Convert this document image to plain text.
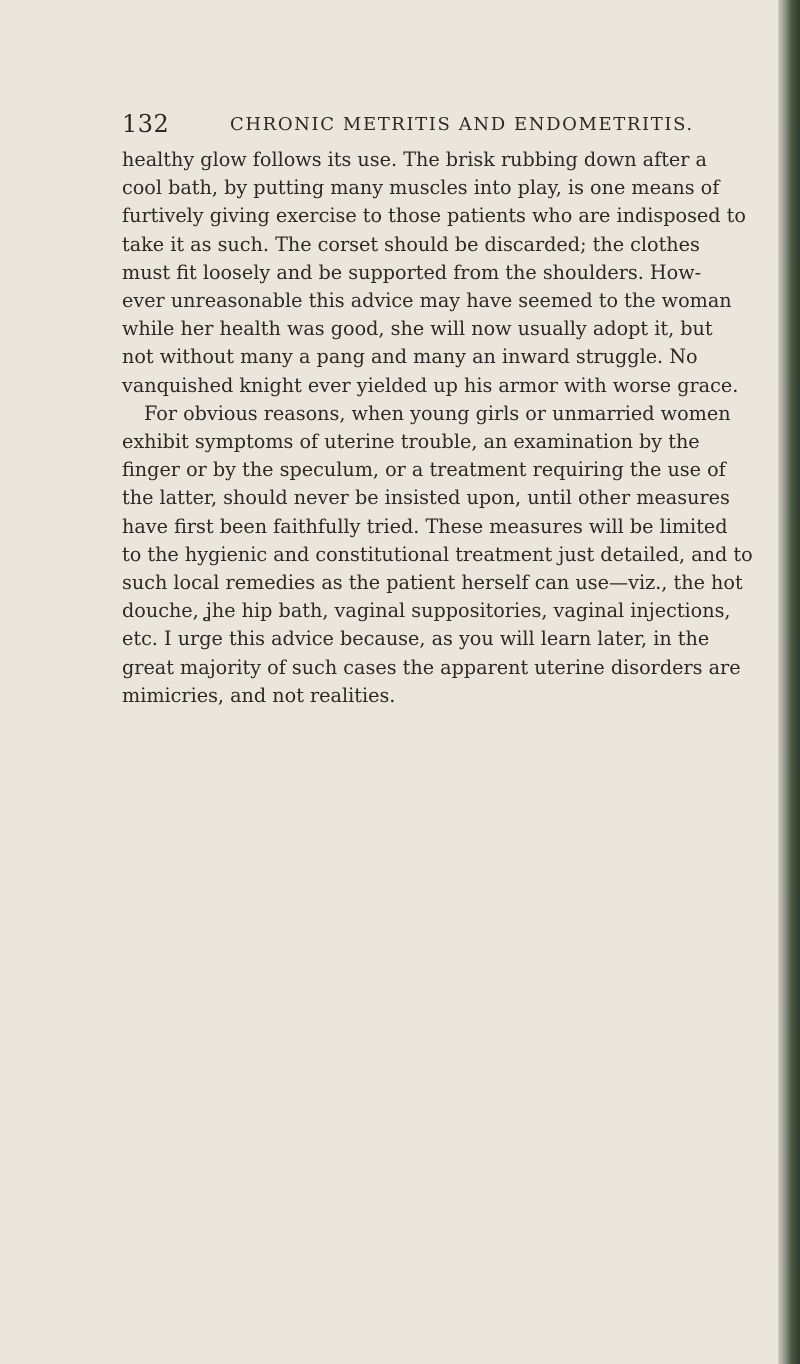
132	CHRONIC METRITIS AND ENDOMETRITIS.
healthy glow follows its use. The brisk rubbing down after a
cool bath, by putting many muscles into play, is one means of
furtively giving exercise to those patients who are indisposed to
take it as such. The corset should be discarded; the clothes
must fit loosely and be supported from the shoulders. How-
ever unreasonable this advice may have seemed to the woman
while her health was good, she will now usually adopt it, but
not without many a pang and many an inward struggle. No
vanquished knight ever yielded up his armor with worse grace.
For obvious reasons, when young girls or unmarried women
exhibit symptoms of uterine trouble, an examination by the
finger or by the speculum, or a treatment requiring the use of
the latter, should never be insisted upon, until other measures
have first been faithfully tried. These measures will be limited
to the hygienic and constitutional treatment just detailed, and to
such local remedies as the patient herself can use—viz., the hot
douche, ʝhe hip bath, vaginal suppositories, vaginal injections,
etc. I urge this advice because, as you will learn later, in the
great majority of such cases the apparent uterine disorders are
mimicries, and not realities.
